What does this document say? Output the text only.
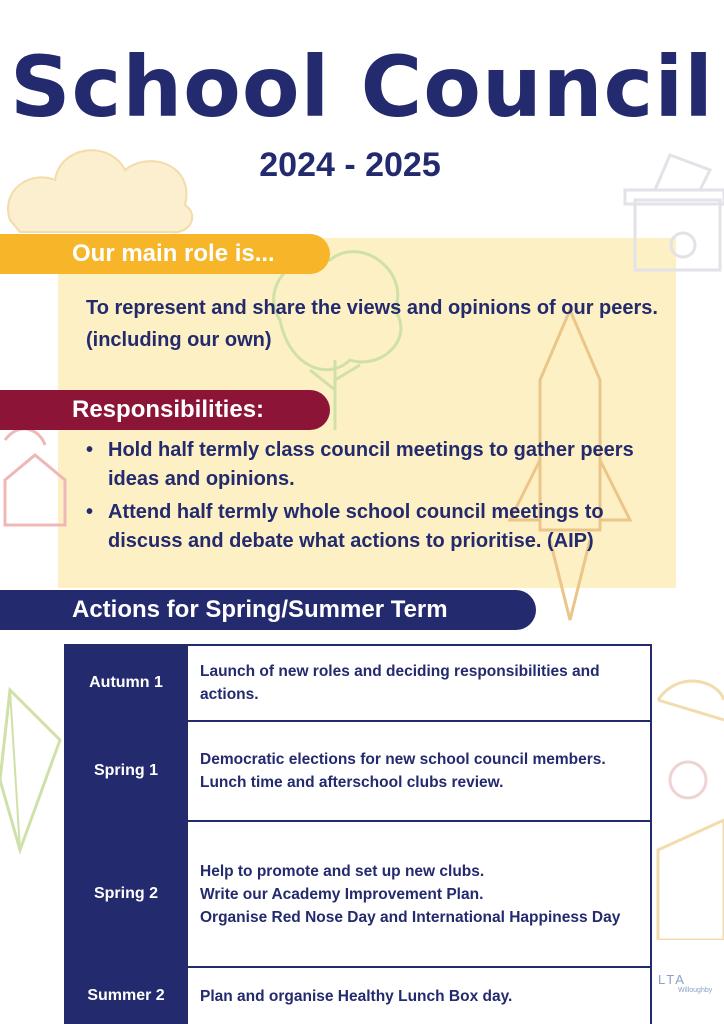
School Council
2024 - 2025
Our main role is...
To represent and share the views and opinions of our peers. (including our own)
Responsibilities:
• Hold half termly class council meetings to gather peers ideas and opinions.
• Attend half termly whole school council meetings to discuss and debate what actions to prioritise. (AIP)
Actions for Spring/Summer Term
Autumn 1	Launch of new roles and deciding responsibilities and actions.

Spring 1	Democratic elections for new school council members.
Lunch time and afterschool clubs review.

Spring 2	Help to promote and set up new clubs.
Write our Academy Improvement Plan.
Organise Red Nose Day and International Happiness Day

Summer 2	Plan and organise Healthy Lunch Box day.
LTA
Willoughby
